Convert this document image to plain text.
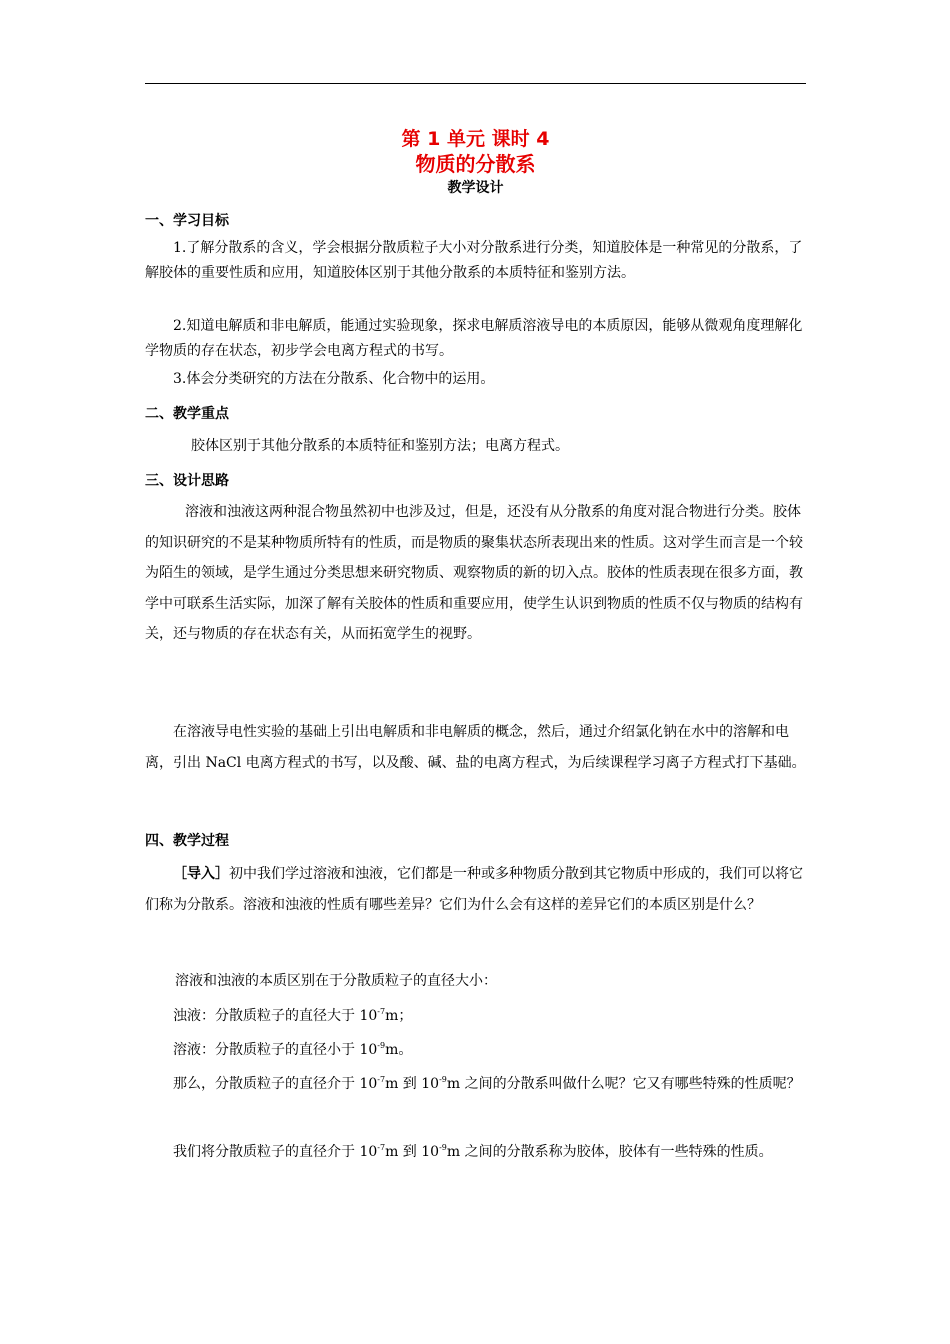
第 1 单元 课时 4
物质的分散系
教学设计
一、学习目标
1.了解分散系的含义，学会根据分散质粒子大小对分散系进行分类，知道胶体是一种常见的分散系，了解胶体的重要性质和应用，知道胶体区别于其他分散系的本质特征和鉴别方法。
2.知道电解质和非电解质，能通过实验现象，探求电解质溶液导电的本质原因，能够从微观角度理解化学物质的存在状态，初步学会电离方程式的书写。
3.体会分类研究的方法在分散系、化合物中的运用。
二、教学重点
胶体区别于其他分散系的本质特征和鉴别方法；电离方程式。
三、设计思路
溶液和浊液这两种混合物虽然初中也涉及过，但是，还没有从分散系的角度对混合物进行分类。胶体的知识研究的不是某种物质所特有的性质，而是物质的聚集状态所表现出来的性质。这对学生而言是一个较为陌生的领域，是学生通过分类思想来研究物质、观察物质的新的切入点。胶体的性质表现在很多方面，教学中可联系生活实际，加深了解有关胶体的性质和重要应用，使学生认识到物质的性质不仅与物质的结构有关，还与物质的存在状态有关，从而拓宽学生的视野。
在溶液导电性实验的基础上引出电解质和非电解质的概念，然后，通过介绍氯化钠在水中的溶解和电离，引出 NaCl 电离方程式的书写，以及酸、碱、盐的电离方程式，为后续课程学习离子方程式打下基础。
四、教学过程
［导入］初中我们学过溶液和浊液，它们都是一种或多种物质分散到其它物质中形成的，我们可以将它们称为分散系。溶液和浊液的性质有哪些差异？它们为什么会有这样的差异它们的本质区别是什么？
溶液和浊液的本质区别在于分散质粒子的直径大小：
浊液：分散质粒子的直径大于 $10^{-7}m$；
溶液：分散质粒子的直径小于 $10^{-9}m$。
那么，分散质粒子的直径介于 $10^{-7}m$ 到 $10^{-9}m$ 之间的分散系叫做什么呢？它又有哪些特殊的性质呢？
我们将分散质粒子的直径介于 $10^{-7}m$ 到 $10^{-9}m$ 之间的分散系称为胶体，胶体有一些特殊的性质。
